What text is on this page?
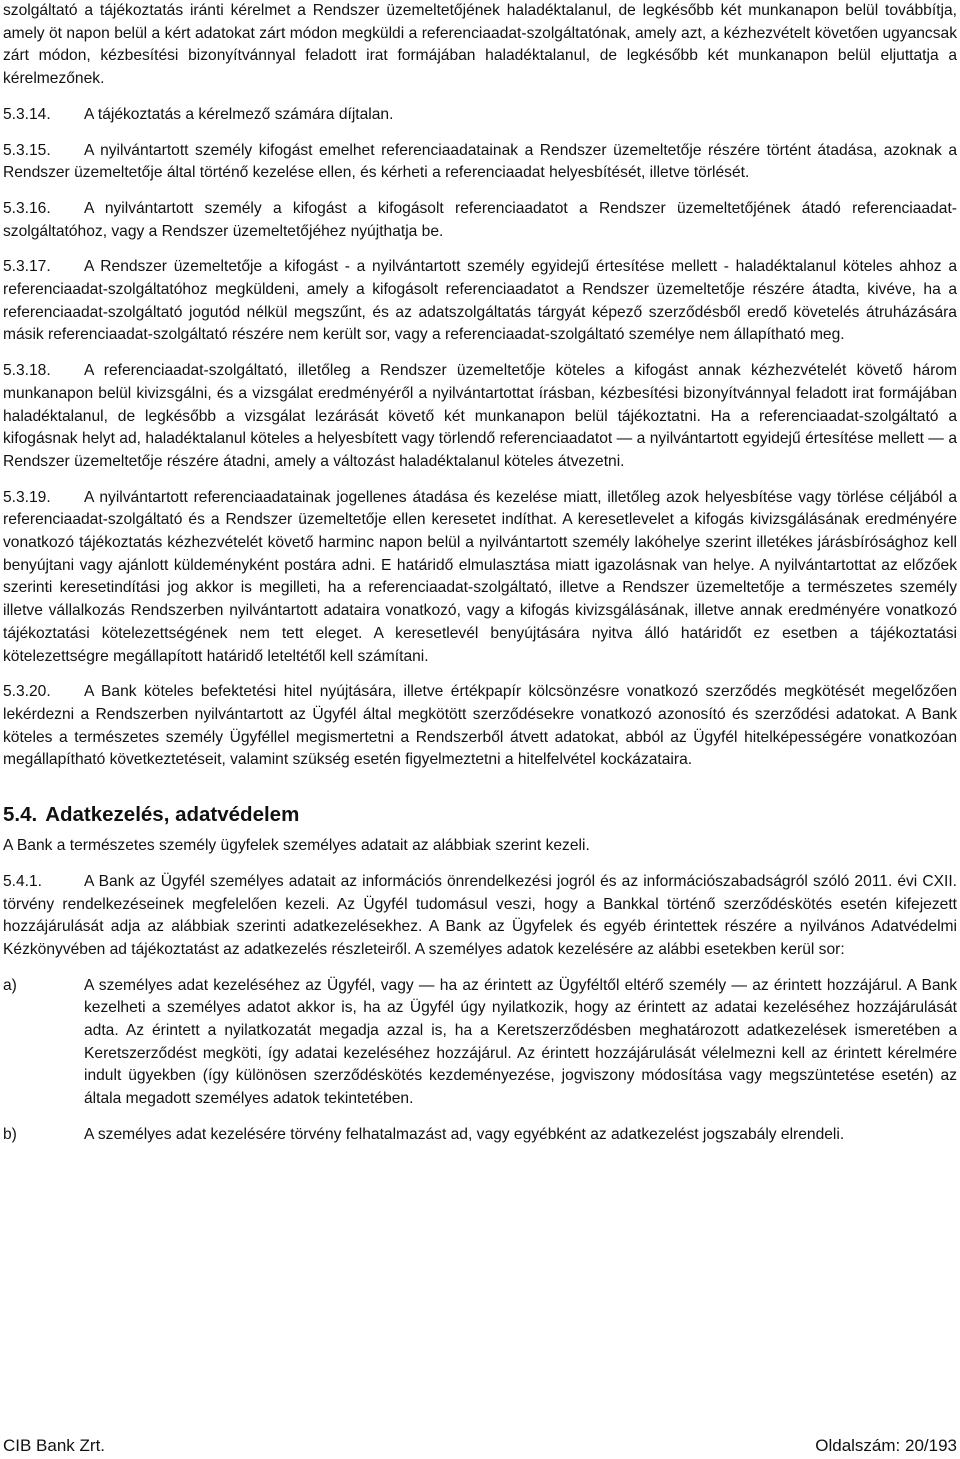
szolgáltató a tájékoztatás iránti kérelmet a Rendszer üzemeltetőjének haladéktalanul, de legkésőbb két munkanapon belül továbbítja, amely öt napon belül a kért adatokat zárt módon megküldi a referenciaadat-szolgáltatónak, amely azt, a kézhezvételt követően ugyancsak zárt módon, kézbesítési bizonyítvánnyal feladott irat formájában haladéktalanul, de legkésőbb két munkanapon belül eljuttatja a kérelmezőnek.

5.3.14. A tájékoztatás a kérelmező számára díjtalan.

5.3.15. A nyilvántartott személy kifogást emelhet referenciaadatainak a Rendszer üzemeltetője részére történt átadása, azoknak a Rendszer üzemeltetője által történő kezelése ellen, és kérheti a referenciaadat helyesbítését, illetve törlését.

5.3.16. A nyilvántartott személy a kifogást a kifogásolt referenciaadatot a Rendszer üzemeltetőjének átadó referenciaadat-szolgáltatóhoz, vagy a Rendszer üzemeltetőjéhez nyújthatja be.

5.3.17. A Rendszer üzemeltetője a kifogást - a nyilvántartott személy egyidejű értesítése mellett - haladéktalanul köteles ahhoz a referenciaadat-szolgáltatóhoz megküldeni, amely a kifogásolt referenciaadatot a Rendszer üzemeltetője részére átadta, kivéve, ha a referenciaadat-szolgáltató jogutód nélkül megszűnt, és az adatszolgáltatás tárgyát képező szerződésből eredő követelés átruházására másik referenciaadat-szolgáltató részére nem került sor, vagy a referenciaadat-szolgáltató személye nem állapítható meg.

5.3.18. A referenciaadat-szolgáltató, illetőleg a Rendszer üzemeltetője köteles a kifogást annak kézhezvételét követő három munkanapon belül kivizsgálni, és a vizsgálat eredményéről a nyilvántartottat írásban, kézbesítési bizonyítvánnyal feladott irat formájában haladéktalanul, de legkésőbb a vizsgálat lezárását követő két munkanapon belül tájékoztatni. Ha a referenciaadat-szolgáltató a kifogásnak helyt ad, haladéktalanul köteles a helyesbített vagy törlendő referenciaadatot — a nyilvántartott egyidejű értesítése mellett — a Rendszer üzemeltetője részére átadni, amely a változást haladéktalanul köteles átvezetni.

5.3.19. A nyilvántartott referenciaadatainak jogellenes átadása és kezelése miatt, illetőleg azok helyesbítése vagy törlése céljából a referenciaadat-szolgáltató és a Rendszer üzemeltetője ellen keresetet indíthat. A keresetlevelet a kifogás kivizsgálásának eredményére vonatkozó tájékoztatás kézhezvételét követő harminc napon belül a nyilvántartott személy lakóhelye szerint illetékes járásbírósághoz kell benyújtani vagy ajánlott küldeményként postára adni. E határidő elmulasztása miatt igazolásnak van helye. A nyilvántartottat az előzőek szerinti keresetindítási jog akkor is megilleti, ha a referenciaadat-szolgáltató, illetve a Rendszer üzemeltetője a természetes személy illetve vállalkozás Rendszerben nyilvántartott adataira vonatkozó, vagy a kifogás kivizsgálásának, illetve annak eredményére vonatkozó tájékoztatási kötelezettségének nem tett eleget. A keresetlevél benyújtására nyitva álló határidőt ez esetben a tájékoztatási kötelezettségre megállapított határidő leteltétől kell számítani.

5.3.20. A Bank köteles befektetési hitel nyújtására, illetve értékpapír kölcsönzésre vonatkozó szerződés megkötését megelőzően lekérdezni a Rendszerben nyilvántartott az Ügyfél által megkötött szerződésekre vonatkozó azonosító és szerződési adatokat. A Bank köteles a természetes személy Ügyféllel megismertetni a Rendszerből átvett adatokat, abból az Ügyfél hitelképességére vonatkozóan megállapítható következtetéseit, valamint szükség esetén figyelmeztetni a hitelfelvétel kockázataira.

5.4. Adatkezelés, adatvédelem

A Bank a természetes személy ügyfelek személyes adatait az alábbiak szerint kezeli.

5.4.1.	A Bank az Ügyfél személyes adatait az információs önrendelkezési jogról és az információszabadságról szóló 2011. évi CXII. törvény rendelkezéseinek megfelelően kezeli. Az Ügyfél tudomásul veszi, hogy a Bankkal történő szerződéskötés esetén kifejezett hozzájárulását adja az alábbiak szerinti adatkezelésekhez. A Bank az Ügyfelek és egyéb érintettek részére a nyilvános Adatvédelmi Kézkönyvében ad tájékoztatást az adatkezelés részleteiről. A személyes adatok kezelésére az alábbi esetekben kerül sor:

a)	A személyes adat kezeléséhez az Ügyfél, vagy — ha az érintett az Ügyféltől eltérő személy — az érintett hozzájárul. A Bank kezelheti a személyes adatot akkor is, ha az Ügyfél úgy nyilatkozik, hogy az érintett az adatai kezeléséhez hozzájárulását adta. Az érintett a nyilatkozatát megadja azzal is, ha a Keretszerződésben meghatározott adatkezelések ismeretében a Keretszerződést megköti, így adatai kezeléséhez hozzájárul. Az érintett hozzájárulását vélelmezni kell az érintett kérelmére indult ügyekben (így különösen szerződéskötés kezdeményezése, jogviszony módosítása vagy megszüntetése esetén) az általa megadott személyes adatok tekintetében.
b)	A személyes adat kezelésére törvény felhatalmazást ad, vagy egyébként az adatkezelést jogszabály elrendeli.
CIB Bank Zrt.	Oldalszám: 20/193
